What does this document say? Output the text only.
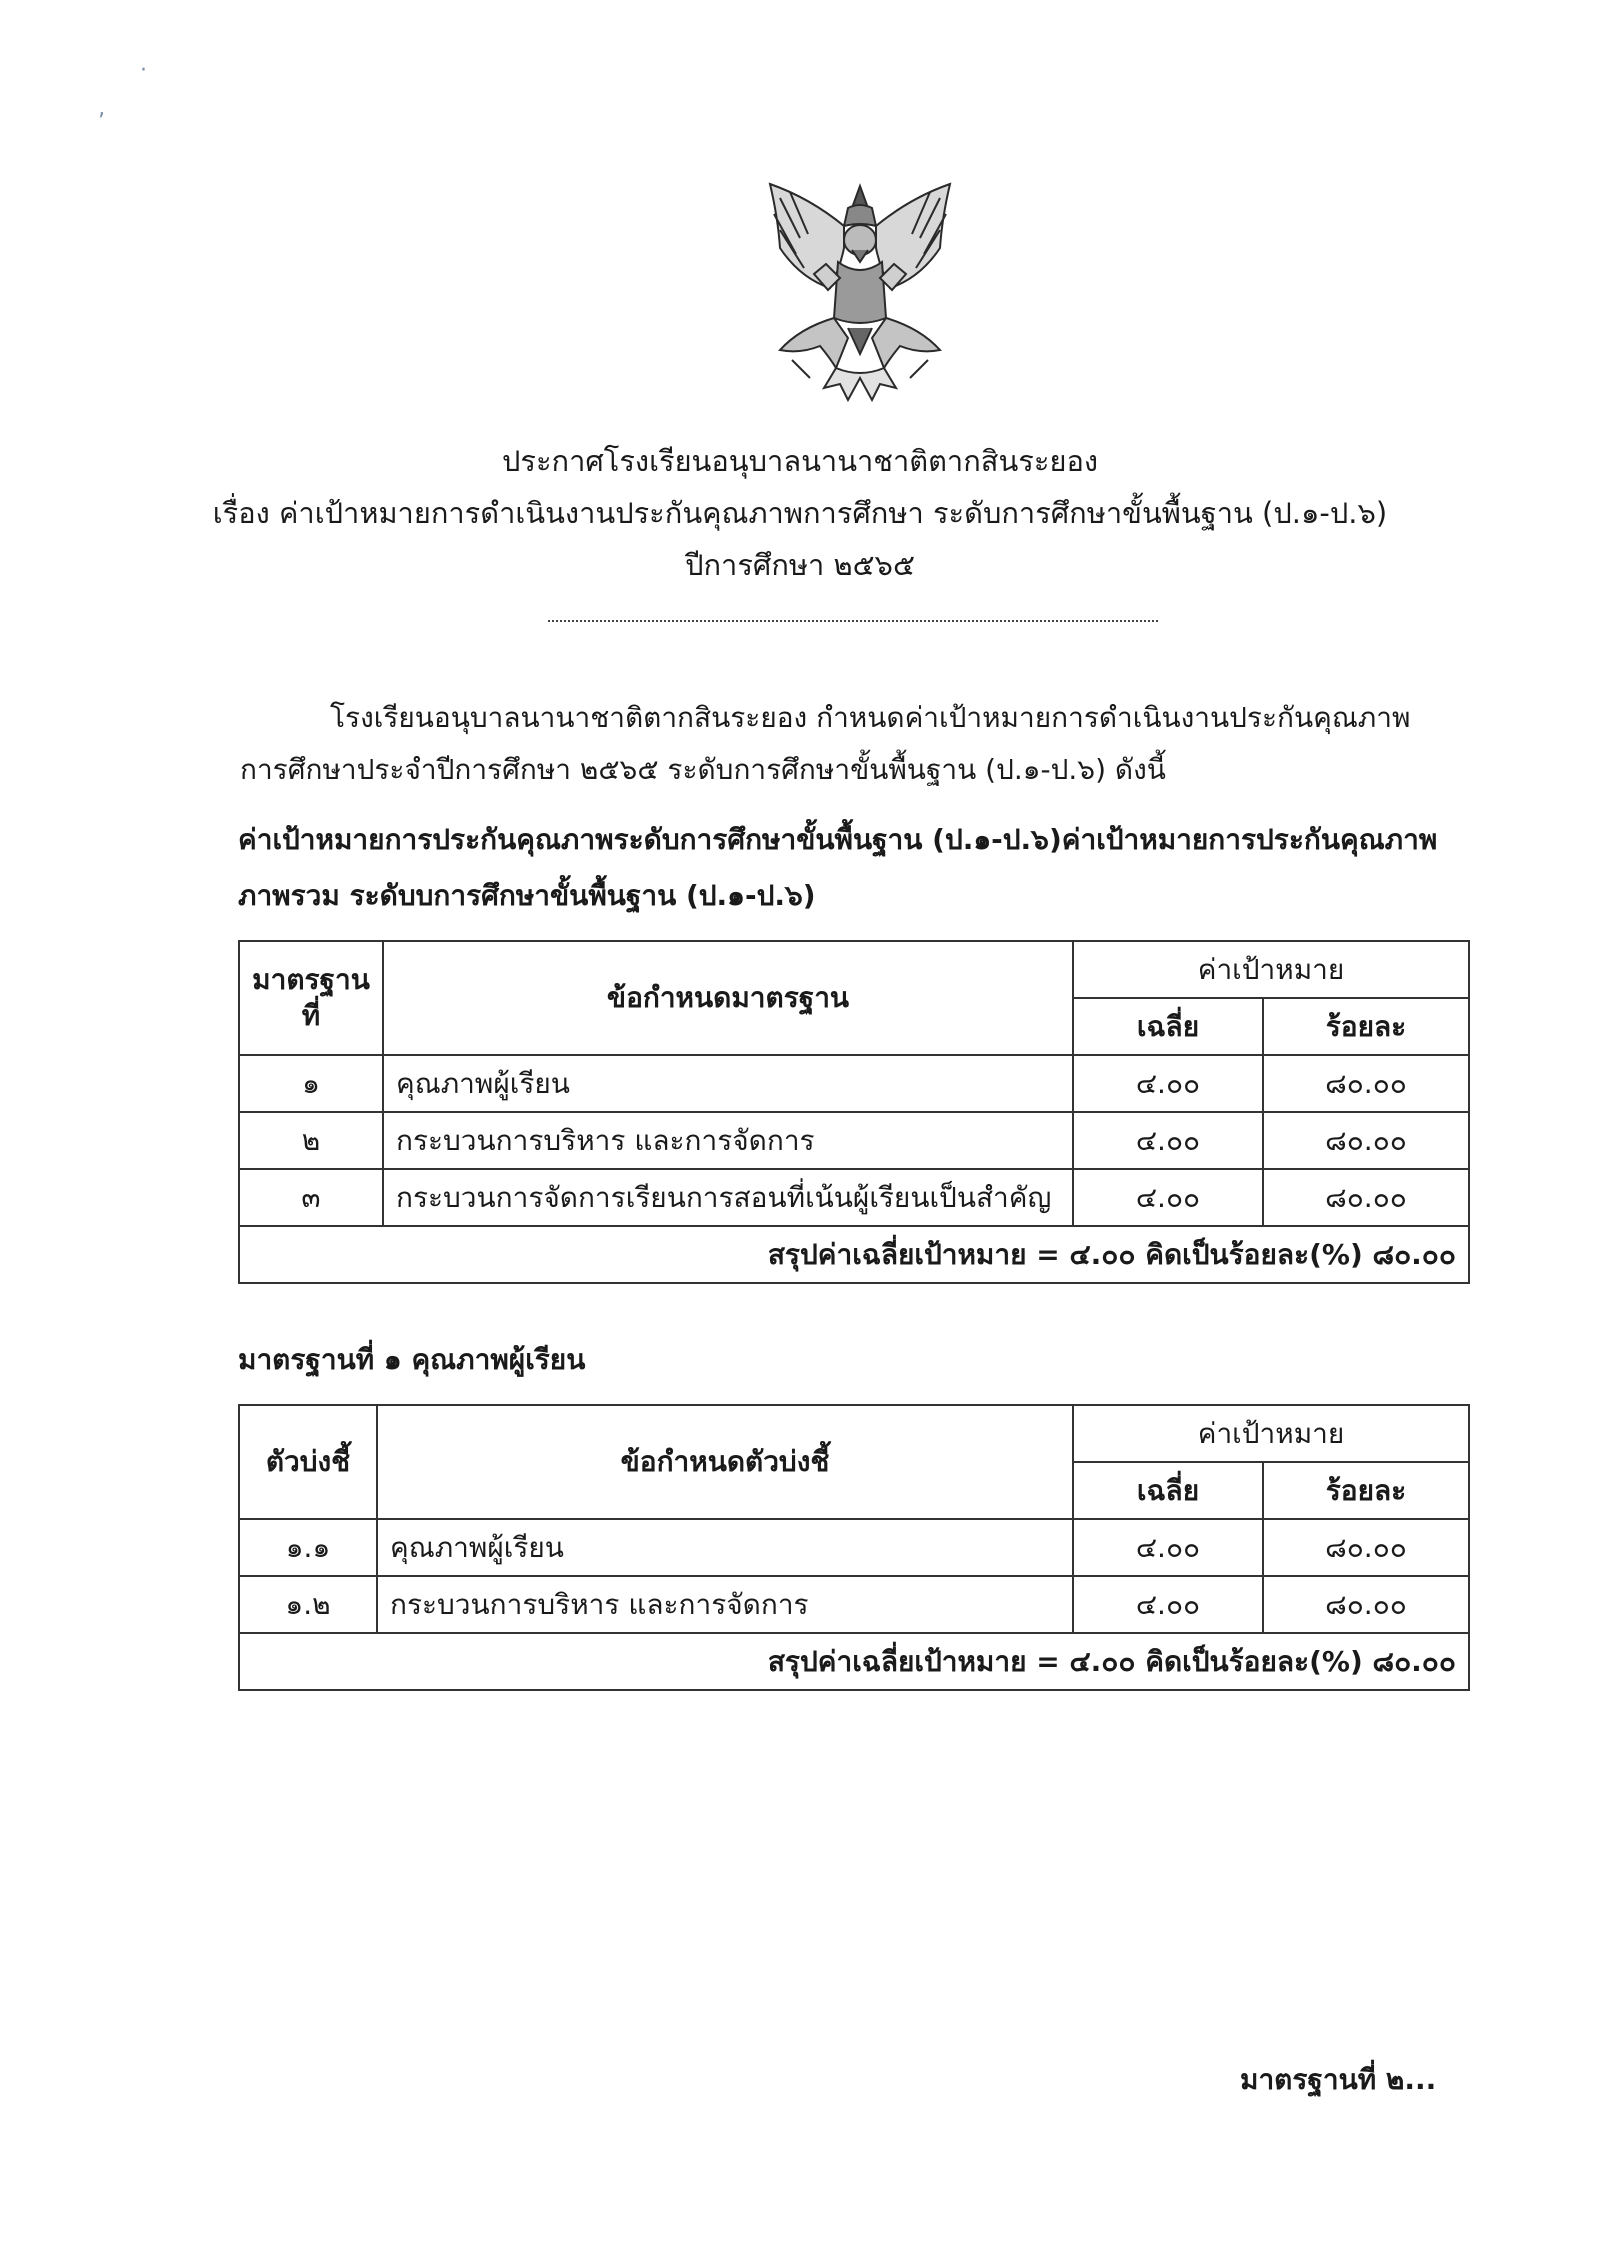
·
‚
ประกาศโรงเรียนอนุบาลนานาชาติตากสินระยอง
เรื่อง ค่าเป้าหมายการดำเนินงานประกันคุณภาพการศึกษา ระดับการศึกษาขั้นพื้นฐาน (ป.๑-ป.๖)
ปีการศึกษา ๒๕๖๕
โรงเรียนอนุบาลนานาชาติตากสินระยอง กำหนดค่าเป้าหมายการดำเนินงานประกันคุณภาพ
การศึกษาประจำปีการศึกษา ๒๕๖๕ ระดับการศึกษาขั้นพื้นฐาน (ป.๑-ป.๖) ดังนี้
ค่าเป้าหมายการประกันคุณภาพระดับการศึกษาขั้นพื้นฐาน (ป.๑-ป.๖)ค่าเป้าหมายการประกันคุณภาพ
ภาพรวม ระดับบการศึกษาขั้นพื้นฐาน (ป.๑-ป.๖)
มาตรฐาน
ที่	ข้อกำหนดมาตรฐาน	ค่าเป้าหมาย	
		เฉลี่ย	ร้อยละ
๑	คุณภาพผู้เรียน	๔.๐๐	๘๐.๐๐
๒	กระบวนการบริหาร และการจัดการ	๔.๐๐	๘๐.๐๐
๓	กระบวนการจัดการเรียนการสอนที่เน้นผู้เรียนเป็นสำคัญ	๔.๐๐	๘๐.๐๐
สรุปค่าเฉลี่ยเป้าหมาย = ๔.๐๐ คิดเป็นร้อยละ(%) ๘๐.๐๐			
มาตรฐานที่ ๑ คุณภาพผู้เรียน
ตัวบ่งชี้	ข้อกำหนดตัวบ่งชี้	ค่าเป้าหมาย	
		เฉลี่ย	ร้อยละ
๑.๑	คุณภาพผู้เรียน	๔.๐๐	๘๐.๐๐
๑.๒	กระบวนการบริหาร และการจัดการ	๔.๐๐	๘๐.๐๐
สรุปค่าเฉลี่ยเป้าหมาย = ๔.๐๐ คิดเป็นร้อยละ(%) ๘๐.๐๐			
มาตรฐานที่ ๒...
